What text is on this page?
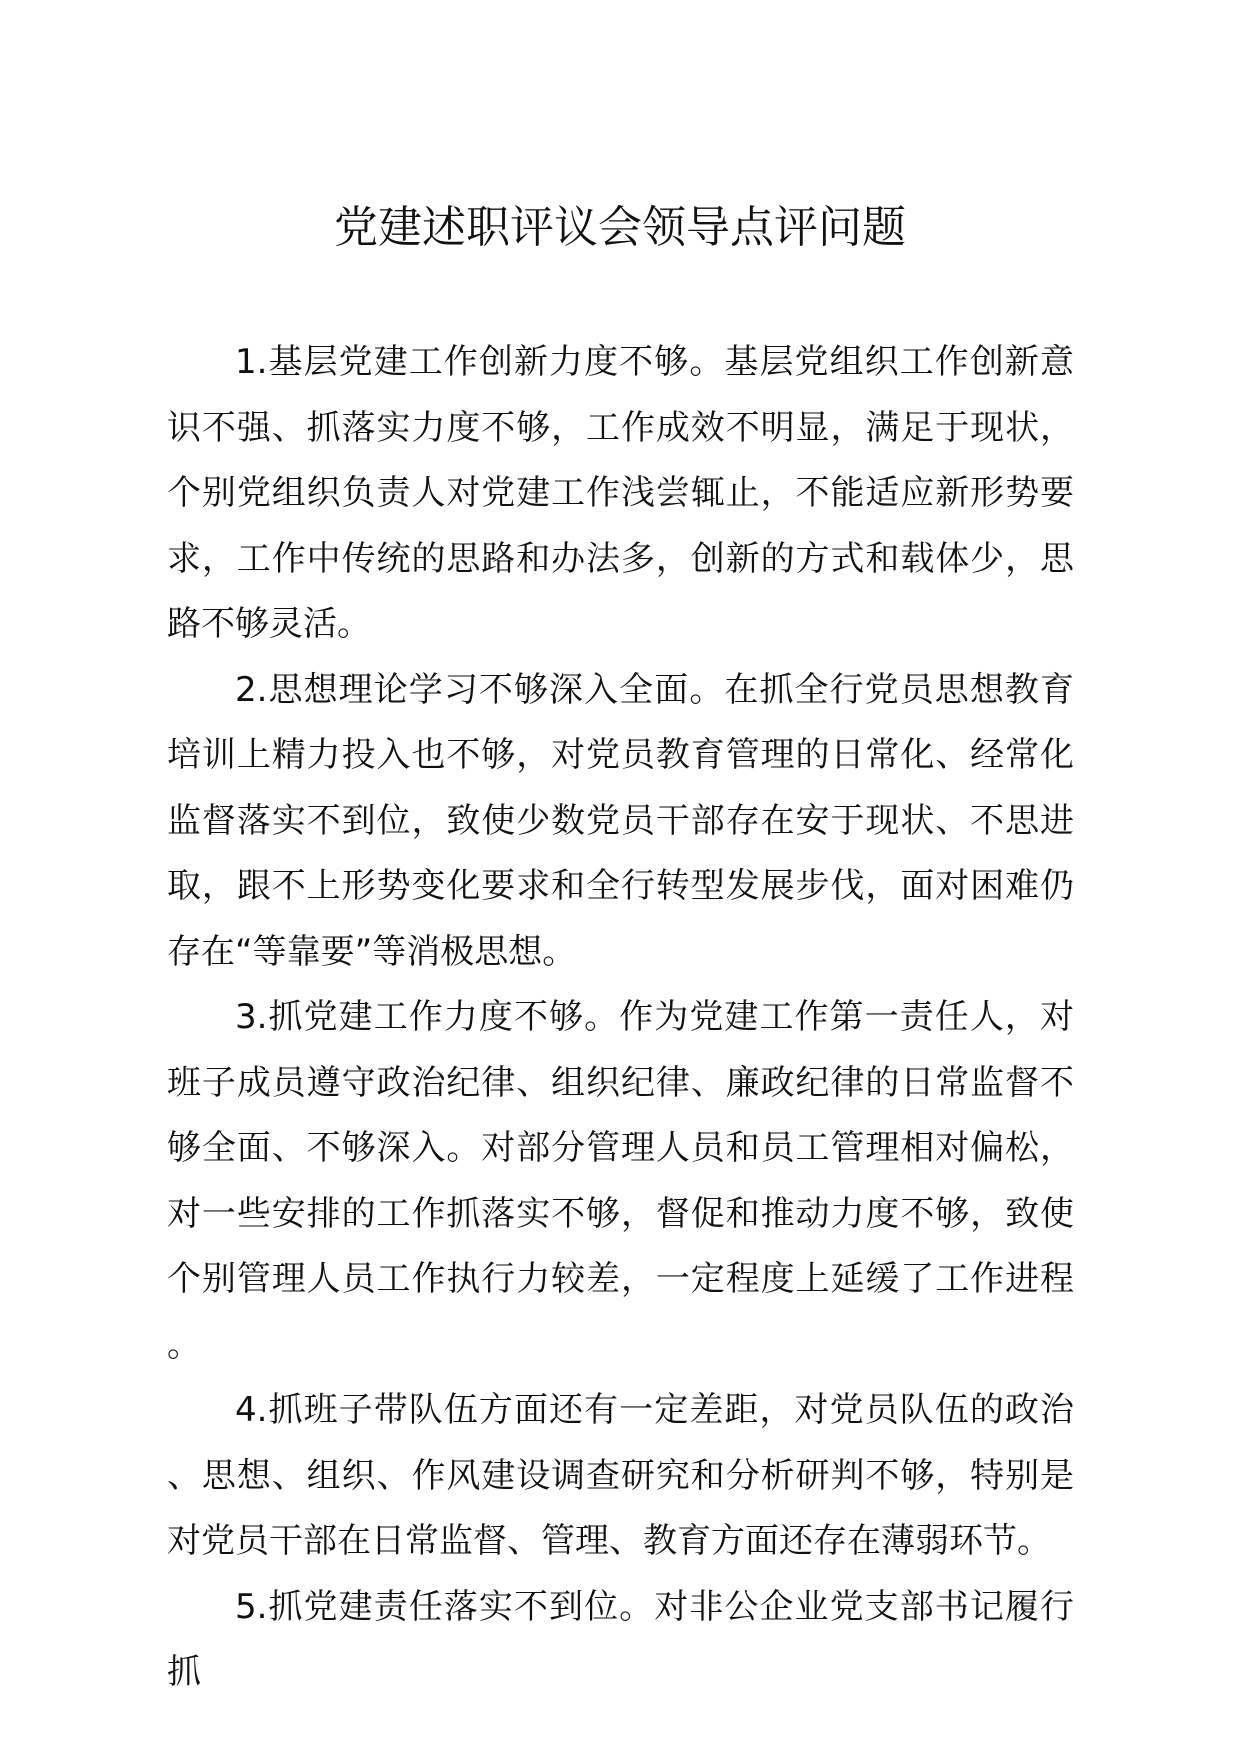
党建述职评议会领导点评问题

1.基层党建工作创新力度不够。基层党组织工作创新意识不强、抓落实力度不够，工作成效不明显，满足于现状，个别党组织负责人对党建工作浅尝辄止，不能适应新形势要求，工作中传统的思路和办法多，创新的方式和载体少，思路不够灵活。

2.思想理论学习不够深入全面。在抓全行党员思想教育培训上精力投入也不够，对党员教育管理的日常化、经常化监督落实不到位，致使少数党员干部存在安于现状、不思进取，跟不上形势变化要求和全行转型发展步伐，面对困难仍存在“等靠要”等消极思想。

3.抓党建工作力度不够。作为党建工作第一责任人，对班子成员遵守政治纪律、组织纪律、廉政纪律的日常监督不够全面、不够深入。对部分管理人员和员工管理相对偏松，对一些安排的工作抓落实不够，督促和推动力度不够，致使个别管理人员工作执行力较差，一定程度上延缓了工作进程。

4.抓班子带队伍方面还有一定差距，对党员队伍的政治、思想、组织、作风建设调查研究和分析研判不够，特别是对党员干部在日常监督、管理、教育方面还存在薄弱环节。

5.抓党建责任落实不到位。对非公企业党支部书记履行抓
